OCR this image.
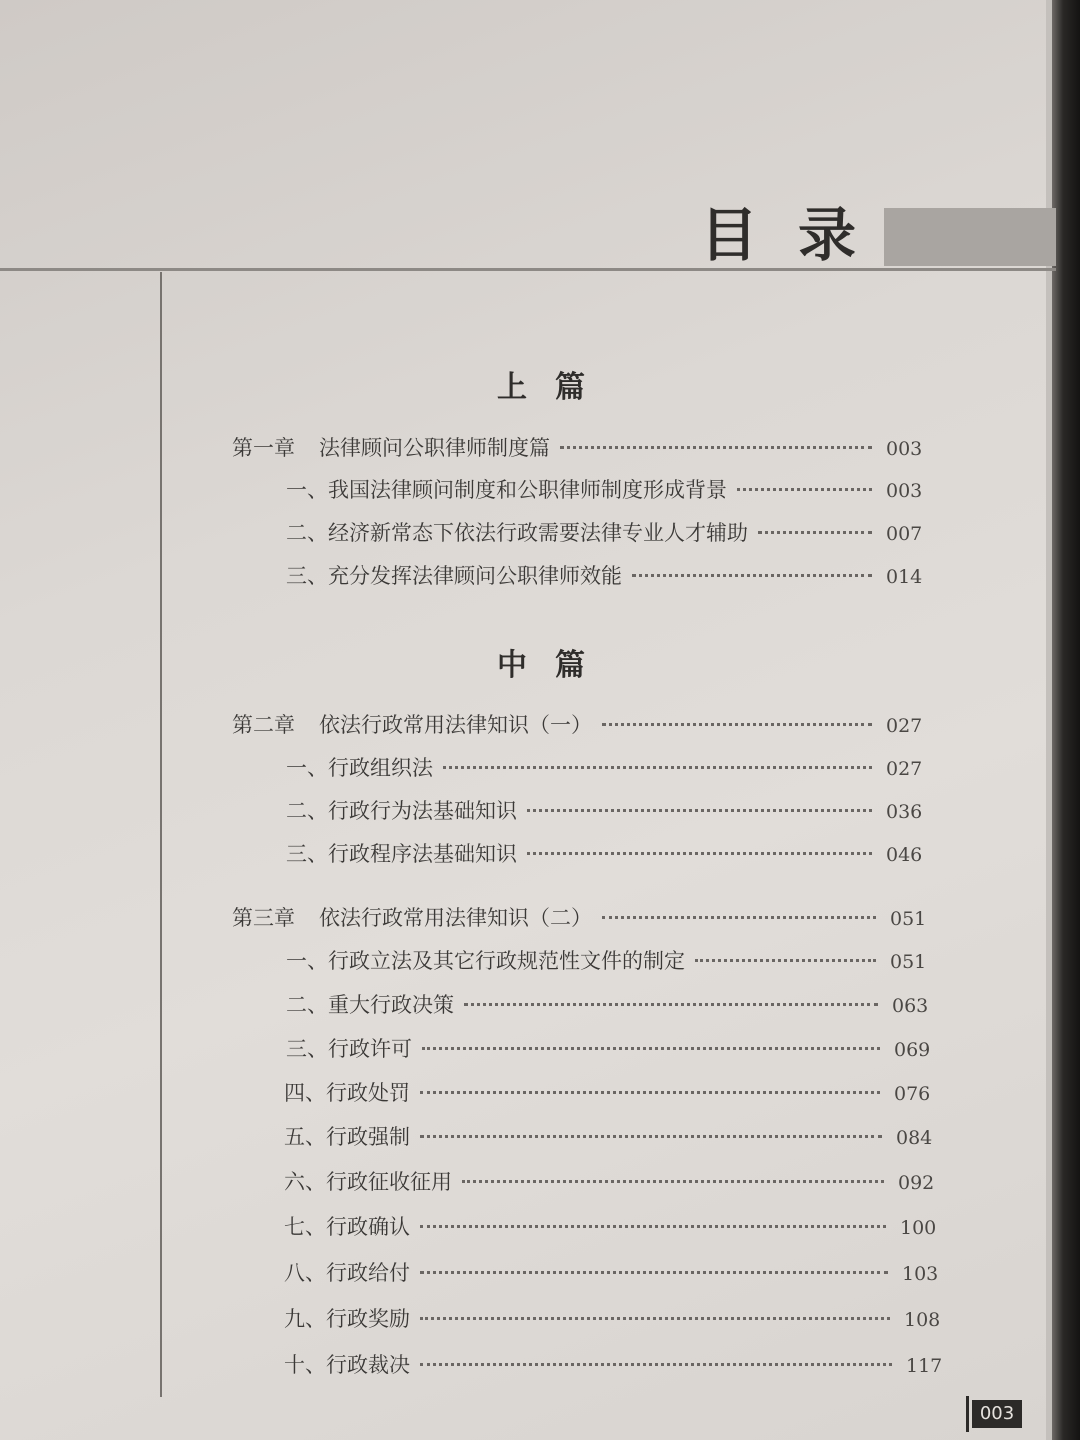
目录
上篇
第一章 法律顾问公职律师制度篇	003
一、我国法律顾问制度和公职律师制度形成背景	003
二、经济新常态下依法行政需要法律专业人才辅助	007
三、充分发挥法律顾问公职律师效能	014
中篇
第二章 依法行政常用法律知识（一）	027
一、行政组织法	027
二、行政行为法基础知识	036
三、行政程序法基础知识	046
第三章 依法行政常用法律知识（二）	051
一、行政立法及其它行政规范性文件的制定	051
二、重大行政决策	063
三、行政许可	069
四、行政处罚	076
五、行政强制	084
六、行政征收征用	092
七、行政确认	100
八、行政给付	103
九、行政奖励	108
十、行政裁决	117
003
